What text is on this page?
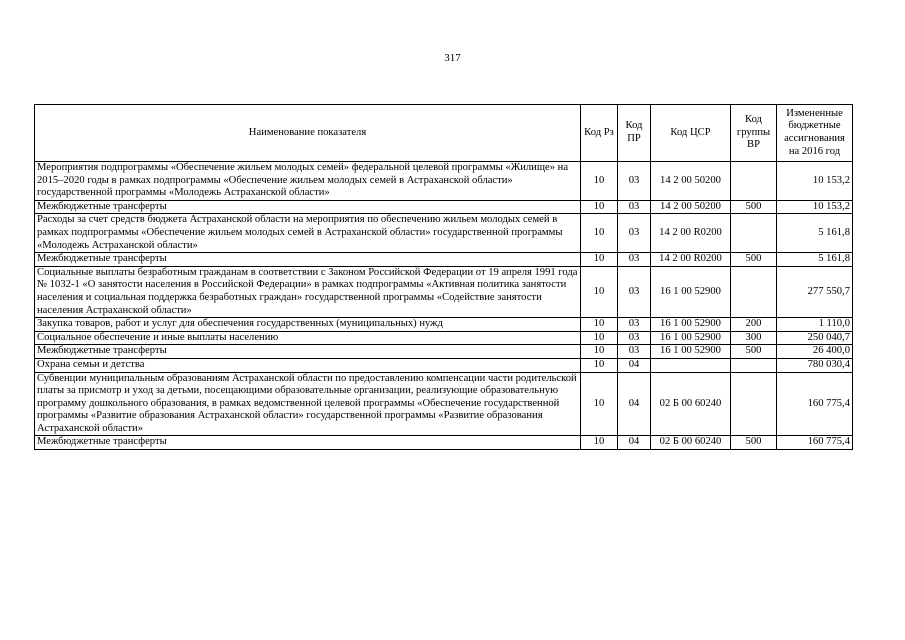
317
Наименование показателя	Код Рз	Код ПР	Код ЦСР	Код группы ВР	Измененные бюджетные ассигнования на 2016 год
Мероприятия подпрограммы «Обеспечение жильем молодых семей» федеральной целевой программы «Жилище» на 2015–2020 годы в рамках подпрограммы «Обеспечение жильем молодых семей в Астраханской области» государственной программы «Молодежь Астраханской области»	10	03	14 2 00 50200		10 153,2
Межбюджетные трансферты	10	03	14 2 00 50200	500	10 153,2
Расходы за счет средств бюджета Астраханской области на мероприятия по обеспечению жильем молодых семей в рамках подпрограммы «Обеспечение жильем молодых семей в Астраханской области» государственной программы «Молодежь Астраханской области»	10	03	14 2 00 R0200		5 161,8
Межбюджетные трансферты	10	03	14 2 00 R0200	500	5 161,8
Социальные выплаты безработным гражданам в соответствии с Законом Российской Федерации от 19 апреля 1991 года № 1032-1 «О занятости населения в Российской Федерации» в рамках подпрограммы «Активная политика занятости населения и социальная поддержка безработных граждан» государственной программы «Содействие занятости населения Астраханской области»	10	03	16 1 00 52900		277 550,7
Закупка товаров, работ и услуг для обеспечения государственных (муниципальных) нужд	10	03	16 1 00 52900	200	1 110,0
Социальное обеспечение и иные выплаты населению	10	03	16 1 00 52900	300	250 040,7
Межбюджетные трансферты	10	03	16 1 00 52900	500	26 400,0
Охрана семьи и детства	10	04			780 030,4
Субвенции муниципальным образованиям Астраханской области по предоставлению компенсации части родительской платы за присмотр и уход за детьми, посещающими образовательные организации, реализующие образовательную программу дошкольного образования, в рамках ведомственной целевой программы «Обеспечение государственной программы «Развитие образования Астраханской области» государственной программы «Развитие образования Астраханской области»	10	04	02 Б 00 60240		160 775,4
Межбюджетные трансферты	10	04	02 Б 00 60240	500	160 775,4
